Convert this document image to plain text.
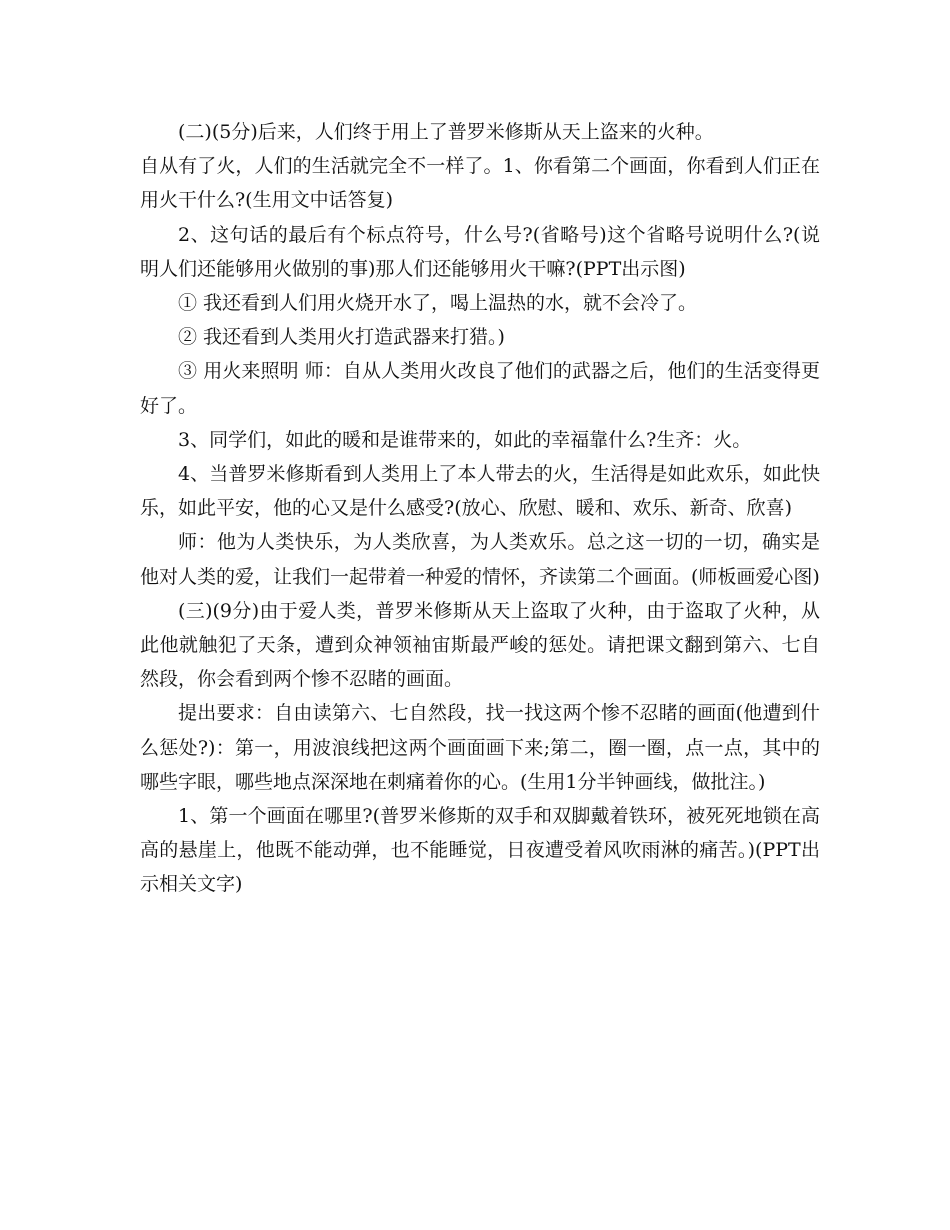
(二)(5分)后来，人们终于用上了普罗米修斯从天上盗来的火种。

自从有了火，人们的生活就完全不一样了。1、你看第二个画面，你看到人们正在用火干什么?(生用文中话答复)

2、这句话的最后有个标点符号，什么号?(省略号)这个省略号说明什么?(说明人们还能够用火做别的事)那人们还能够用火干嘛?(PPT出示图)

① 我还看到人们用火烧开水了，喝上温热的水，就不会冷了。

② 我还看到人类用火打造武器来打猎。)

③ 用火来照明 师：自从人类用火改良了他们的武器之后，他们的生活变得更好了。

3、同学们，如此的暖和是谁带来的，如此的幸福靠什么?生齐：火。

4、当普罗米修斯看到人类用上了本人带去的火，生活得是如此欢乐，如此快乐，如此平安，他的心又是什么感受?(放心、欣慰、暖和、欢乐、新奇、欣喜)

师：他为人类快乐，为人类欣喜，为人类欢乐。总之这一切的一切，确实是他对人类的爱，让我们一起带着一种爱的情怀，齐读第二个画面。(师板画爱心图)

(三)(9分)由于爱人类，普罗米修斯从天上盗取了火种，由于盗取了火种，从此他就触犯了天条，遭到众神领袖宙斯最严峻的惩处。请把课文翻到第六、七自然段，你会看到两个惨不忍睹的画面。

提出要求：自由读第六、七自然段，找一找这两个惨不忍睹的画面(他遭到什么惩处?)：第一，用波浪线把这两个画面画下来;第二，圈一圈，点一点，其中的哪些字眼，哪些地点深深地在刺痛着你的心。(生用1分半钟画线，做批注。)

1、第一个画面在哪里?(普罗米修斯的双手和双脚戴着铁环，被死死地锁在高高的悬崖上，他既不能动弹，也不能睡觉，日夜遭受着风吹雨淋的痛苦。)(PPT出示相关文字)
